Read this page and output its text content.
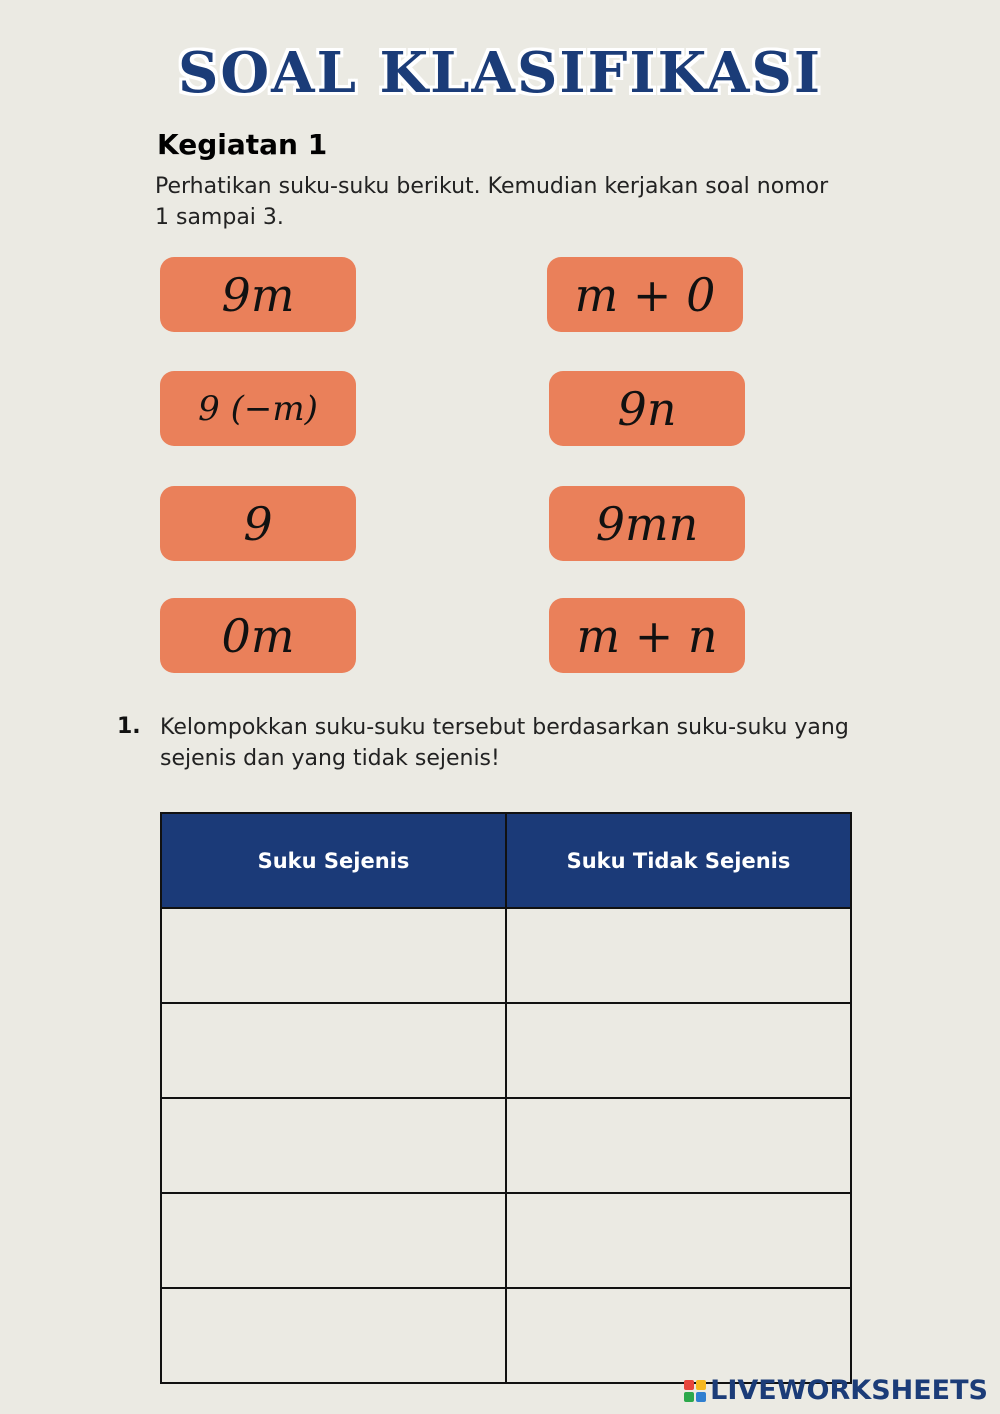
SOAL KLASIFIKASI
Kegiatan 1

Perhatikan suku-suku berikut. Kemudian kerjakan soal nomor 1 sampai 3.

9m
9 (−m)
9
0m
m + 0
9n
9mn
m + n
1. Kelompokkan suku-suku tersebut berdasarkan suku-suku yang sejenis dan yang tidak sejenis!

Suku Sejenis	Suku Tidak Sejenis

LIVEWORKSHEETS
